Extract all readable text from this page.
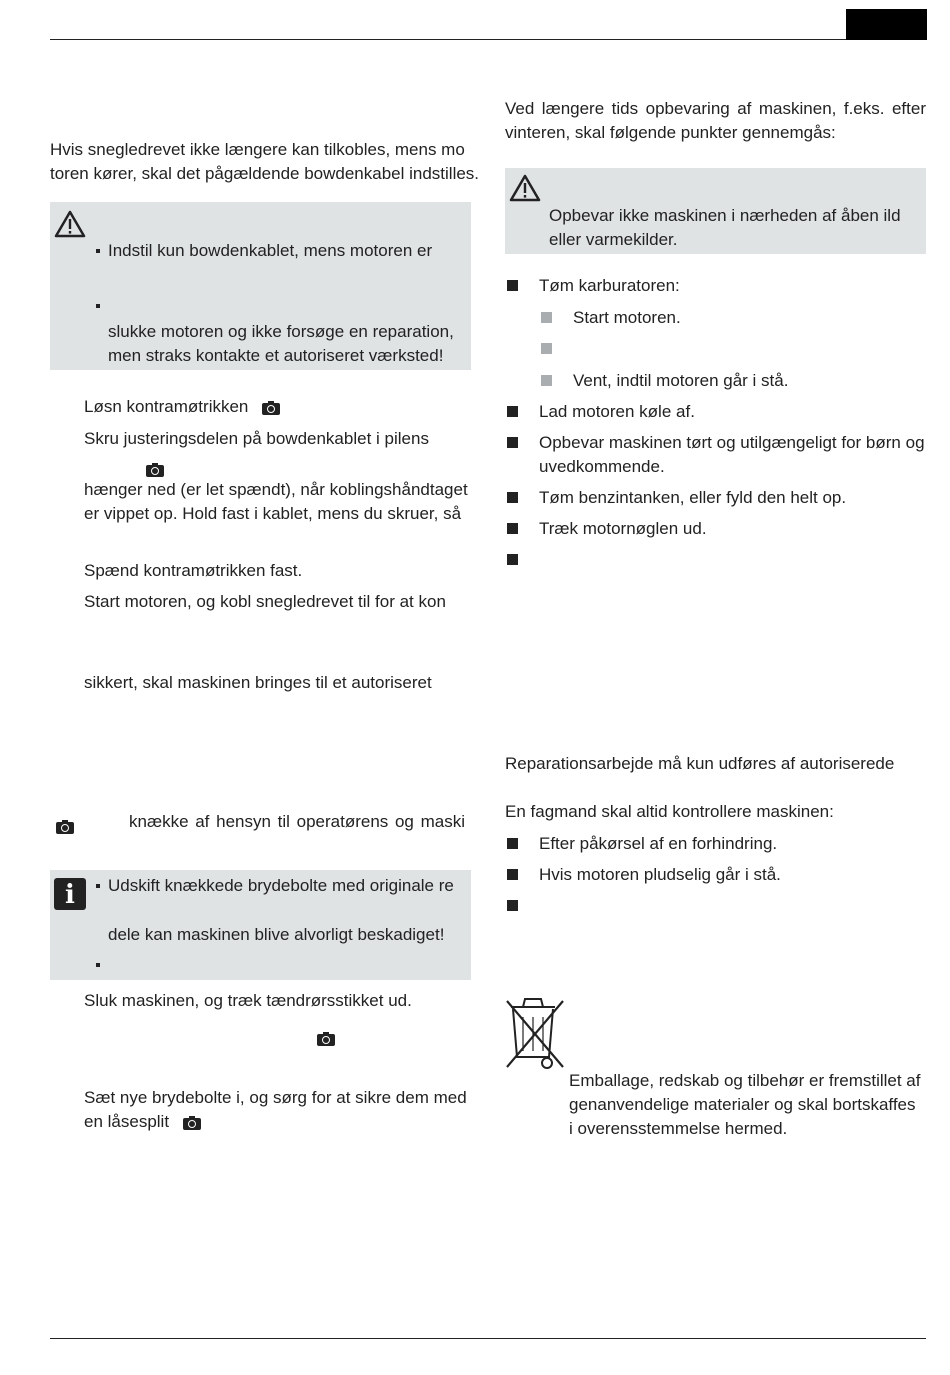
Hvis snegledrevet ikke længere kan tilkobles, mens mo
toren kører, skal det pågældende bowdenkabel indstilles.
Indstil kun bowdenkablet, mens motoren er
slukke motoren og ikke forsøge en reparation,
men straks kontakte et autoriseret værksted!
Løsn kontramøtrikken
Skru justeringsdelen på bowdenkablet i pilens
hænger ned (er let spændt), når koblingshåndtaget
er vippet op. Hold fast i kablet, mens du skruer, så
Spænd kontramøtrikken fast.
Start motoren, og kobl snegledrevet til for at kon
sikkert, skal maskinen bringes til et autoriseret
knække af hensyn til operatørens og maski
i Udskift knækkede brydebolte med originale re
dele kan maskinen blive alvorligt beskadiget!
Sluk maskinen, og træk tændrørsstikket ud.
Sæt nye brydebolte i, og sørg for at sikre dem med
en låsesplit
Ved længere tids opbevaring af maskinen, f.eks. efter
vinteren, skal følgende punkter gennemgås:
Opbevar ikke maskinen i nærheden af åben ild
eller varmekilder.
Tøm karburatoren:
Start motoren.
Vent, indtil motoren går i stå.
Lad motoren køle af.
Opbevar maskinen tørt og utilgængeligt for børn og
uvedkommende.
Tøm benzintanken, eller fyld den helt op.
Træk motornøglen ud.
Reparationsarbejde må kun udføres af autoriserede
En fagmand skal altid kontrollere maskinen:
Efter påkørsel af en forhindring.
Hvis motoren pludselig går i stå.
Emballage, redskab og tilbehør er fremstillet af
genanvendelige materialer og skal bortskaffes
i overensstemmelse hermed.
